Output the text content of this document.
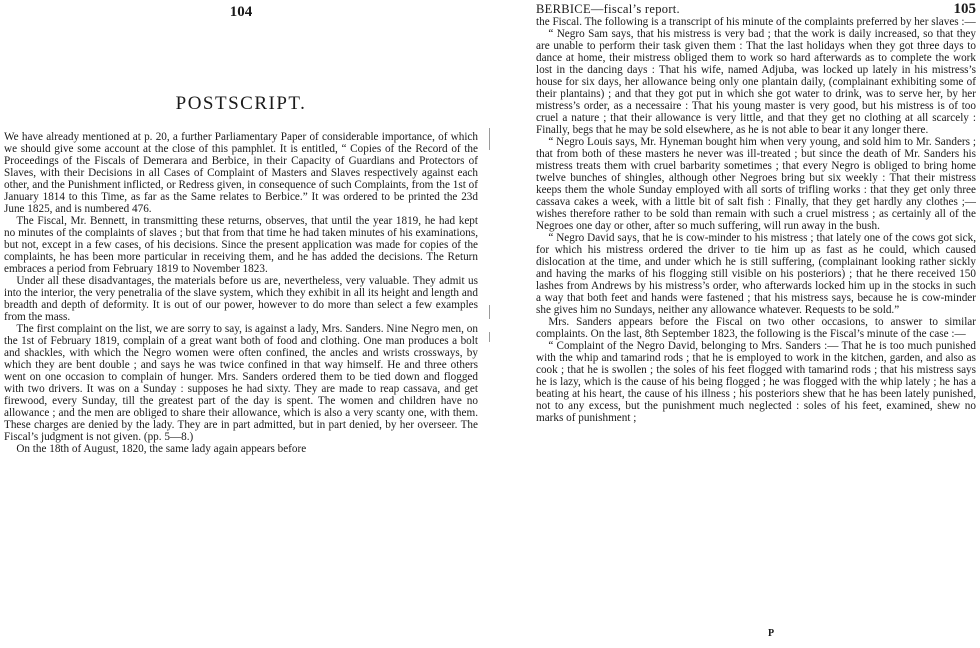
104
POSTSCRIPT.

We have already mentioned at p. 20, a further Parliamentary Paper of considerable importance, of which we should give some account at the close of this pamphlet. It is entitled, “ Copies of the Record of the Proceedings of the Fiscals of Demerara and Berbice, in their Capacity of Guardians and Protectors of Slaves, with their Decisions in all Cases of Complaint of Masters and Slaves respectively against each other, and the Punishment inflicted, or Redress given, in consequence of such Complaints, from the 1st of January 1814 to this Time, as far as the Same relates to Berbice.” It was ordered to be printed the 23d June 1825, and is numbered 476.

The Fiscal, Mr. Bennett, in transmitting these returns, observes, that until the year 1819, he had kept no minutes of the complaints of slaves ; but that from that time he had taken minutes of his examinations, but not, except in a few cases, of his decisions. Since the present application was made for copies of the complaints, he has been more particular in receiving them, and he has added the decisions. The Return embraces a period from February 1819 to November 1823.

Under all these disadvantages, the materials before us are, nevertheless, very valuable. They admit us into the interior, the very penetralia of the slave system, which they exhibit in all its height and length and breadth and depth of deformity. It is out of our power, however to do more than select a few examples from the mass.

The first complaint on the list, we are sorry to say, is against a lady, Mrs. Sanders. Nine Negro men, on the 1st of February 1819, complain of a great want both of food and clothing. One man produces a bolt and shackles, with which the Negro women were often confined, the ancles and wrists crossways, by which they are bent double ; and says he was twice confined in that way himself. He and three others went on one occasion to complain of hunger. Mrs. Sanders ordered them to be tied down and flogged with two drivers. It was on a Sunday : supposes he had sixty. They are made to reap cassava, and get firewood, every Sunday, till the greatest part of the day is spent. The women and children have no allowance ; and the men are obliged to share their allowance, which is also a very scanty one, with them. These charges are denied by the lady. They are in part admitted, but in part denied, by her overseer. The Fiscal’s judgment is not given. (pp. 5—8.)

On the 18th of August, 1820, the same lady again appears before

BERBICE—fiscal’s report.	105

the Fiscal. The following is a transcript of his minute of the complaints preferred by her slaves :—

“ Negro Sam says, that his mistress is very bad ; that the work is daily increased, so that they are unable to perform their task given them : That the last holidays when they got three days to dance at home, their mistress obliged them to work so hard afterwards as to complete the work lost in the dancing days : That his wife, named Adjuba, was locked up lately in his mistress’s house for six days, her allowance being only one plantain daily, (complainant exhibiting some of their plantains) ; and that they got put in which she got water to drink, was to serve her, by her mistress’s order, as a necessaire : That his young master is very good, but his mistress is of too cruel a nature ; that their allowance is very little, and that they get no clothing at all scarcely : Finally, begs that he may be sold elsewhere, as he is not able to bear it any longer there.

“ Negro Louis says, Mr. Hyneman bought him when very young, and sold him to Mr. Sanders ; that from both of these masters he never was ill-treated ; but since the death of Mr. Sanders his mistress treats them with cruel barbarity sometimes ; that every Negro is obliged to bring home twelve bunches of shingles, although other Negroes bring but six weekly : That their mistress keeps them the whole Sunday employed with all sorts of trifling works : that they get only three cassava cakes a week, with a little bit of salt fish : Finally, that they get hardly any clothes ;—wishes therefore rather to be sold than remain with such a cruel mistress ; as certainly all of the Negroes one day or other, after so much suffering, will run away in the bush.

“ Negro David says, that he is cow-minder to his mistress ; that lately one of the cows got sick, for which his mistress ordered the driver to tie him up as fast as he could, which caused dislocation at the time, and under which he is still suffering, (complainant looking rather sickly and having the marks of his flogging still visible on his posteriors) ; that he there received 150 lashes from Andrews by his mistress’s order, who afterwards locked him up in the stocks in such a way that both feet and hands were fastened ; that his mistress says, because he is cow-minder she gives him no Sundays, neither any allowance whatever. Requests to be sold.”

Mrs. Sanders appears before the Fiscal on two other occasions, to answer to similar complaints. On the last, 8th September 1823, the following is the Fiscal’s minute of the case :—

“ Complaint of the Negro David, belonging to Mrs. Sanders :— That he is too much punished with the whip and tamarind rods ; that he is employed to work in the kitchen, garden, and also as cook ; that he is swollen ; the soles of his feet flogged with tamarind rods ; that his mistress says he is lazy, which is the cause of his being flogged ; he was flogged with the whip lately ; he has a beating at his heart, the cause of his illness ; his posteriors shew that he has been lately punished, not to any excess, but the punishment much neglected : soles of his feet, examined, shew no marks of punishment ;

P
